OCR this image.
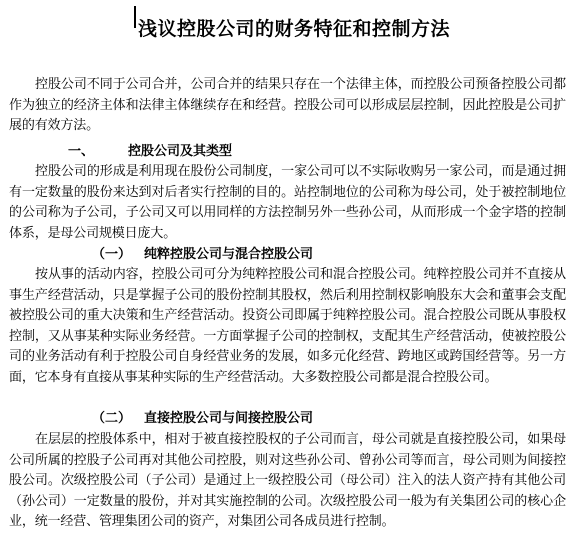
浅议控股公司的财务特征和控制方法

控股公司不同于公司合并，公司合并的结果只存在一个法律主体，而控股公司预备控股公司都作为独立的经济主体和法律主体继续存在和经营。控股公司可以形成层层控制，因此控股是公司扩展的有效方法。

一、	控股公司及其类型

控股公司的形成是利用现在股份公司制度，一家公司可以不实际收购另一家公司，而是通过拥有一定数量的股份来达到对后者实行控制的目的。站控制地位的公司称为母公司，处于被控制地位的公司称为子公司，子公司又可以用同样的方法控制另外一些孙公司，从而形成一个金字塔的控制体系，是母公司规模日庞大。

（一） 纯粹控股公司与混合控股公司

按从事的活动内容，控股公司可分为纯粹控股公司和混合控股公司。纯粹控股公司并不直接从事生产经营活动，只是掌握子公司的股份控制其股权，然后利用控制权影响股东大会和董事会支配被控股公司的重大决策和生产经营活动。投资公司即属于纯粹控股公司。混合控股公司既从事股权控制，又从事某种实际业务经营。一方面掌握子公司的控制权，支配其生产经营活动，使被控股公司的业务活动有利于控股公司自身经营业务的发展，如多元化经营、跨地区或跨国经营等。另一方面，它本身有直接从事某种实际的生产经营活动。大多数控股公司都是混合控股公司。

（二） 直接控股公司与间接控股公司

在层层的控股体系中，相对于被直接控股权的子公司而言，母公司就是直接控股公司，如果母公司所属的控股子公司再对其他公司控股，则对这些孙公司、曾孙公司等而言，母公司则为间接控股公司。次级控股公司（子公司）是通过上一级控股公司（母公司）注入的法人资产持有其他公司（孙公司）一定数量的股份，并对其实施控制的公司。次级控股公司一般为有关集团公司的核心企业，统一经营、管理集团公司的资产，对集团公司各成员进行控制。
